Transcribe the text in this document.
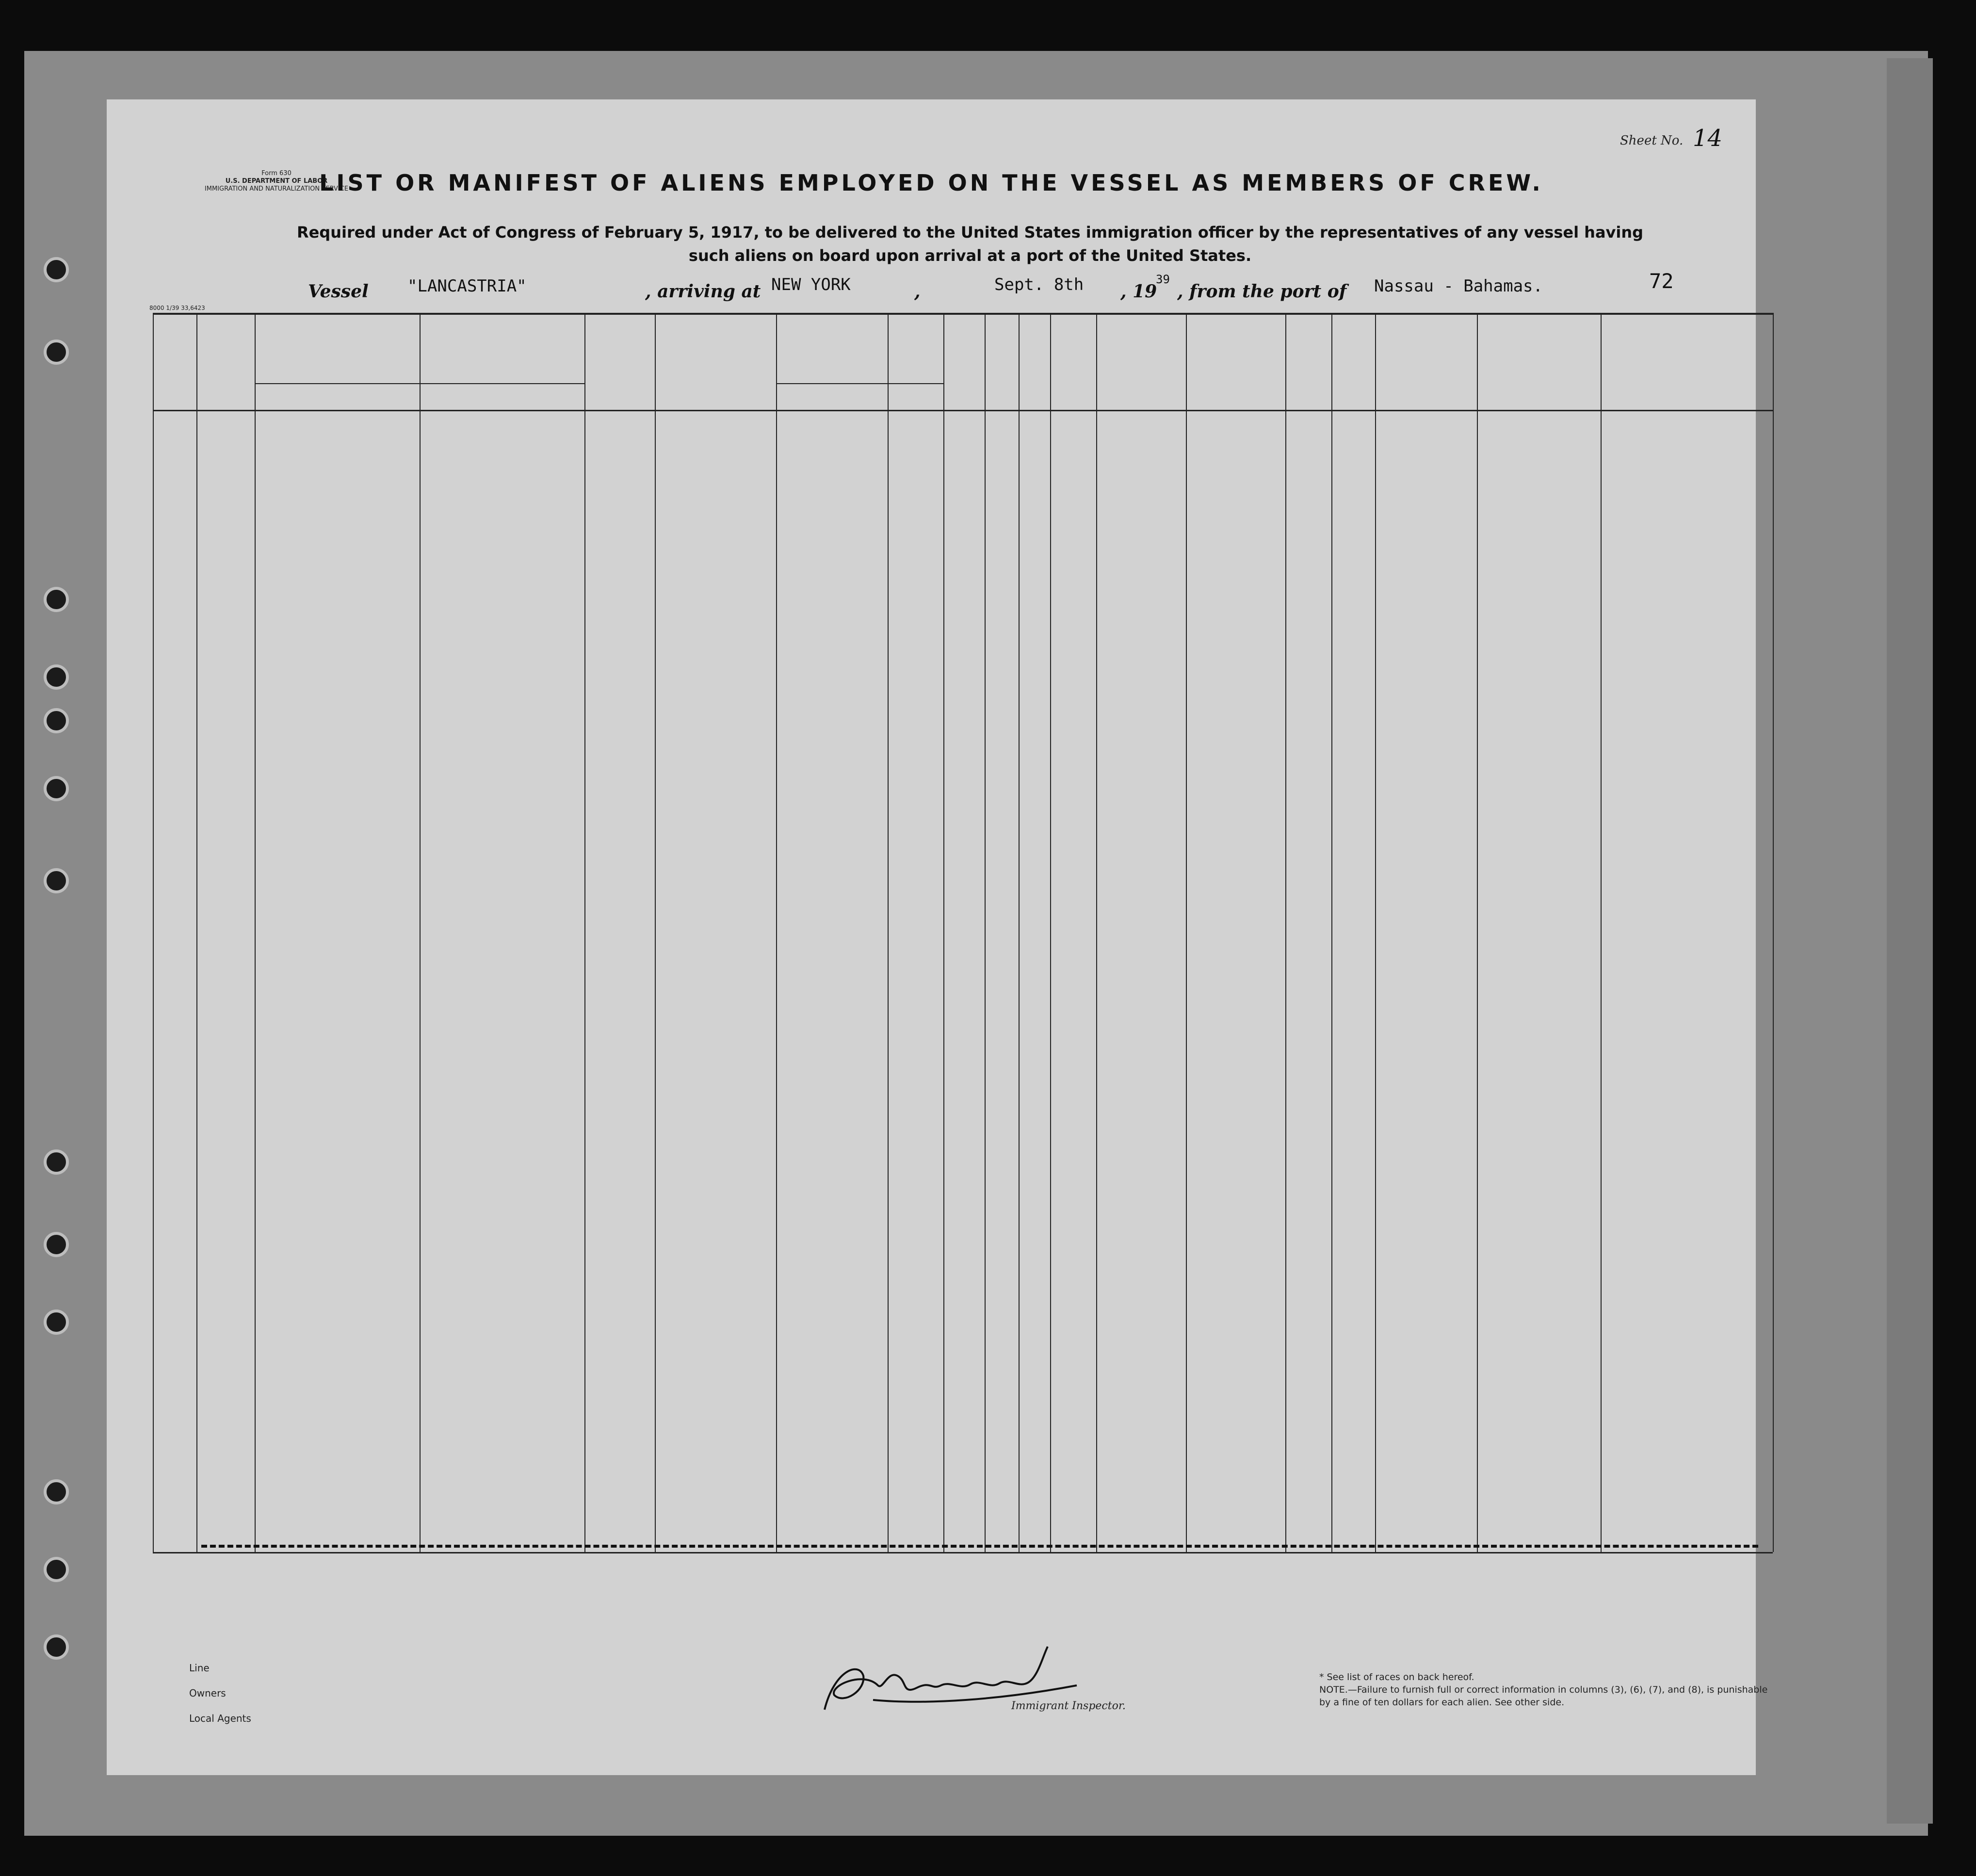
Form 630
U.S. DEPARTMENT OF LABOR
IMMIGRATION AND NATURALIZATION SERVICE
Sheet No. 14
LIST OR MANIFEST OF ALIENS EMPLOYED ON THE VESSEL AS MEMBERS OF CREW.
Required under Act of Congress of February 5, 1917, to be delivered to the United States immigration officer by the representatives of any vessel having such aliens on board upon arrival at a port of the United States.
Vessel "LANCASTRIA"	, arriving at NEW YORK	,	Sept. 8th , 19
39
, from the port of Nassau - Bahamas.	72
8000 1/39 33,6423
Line
Owners
Local Agents
Immigrant Inspector.
* See list of races on back hereof.
NOTE.—Failure to furnish full or correct information in columns (3), (6), (7), and (8), is punishable by a fine of ten dollars for each alien. See other side.
